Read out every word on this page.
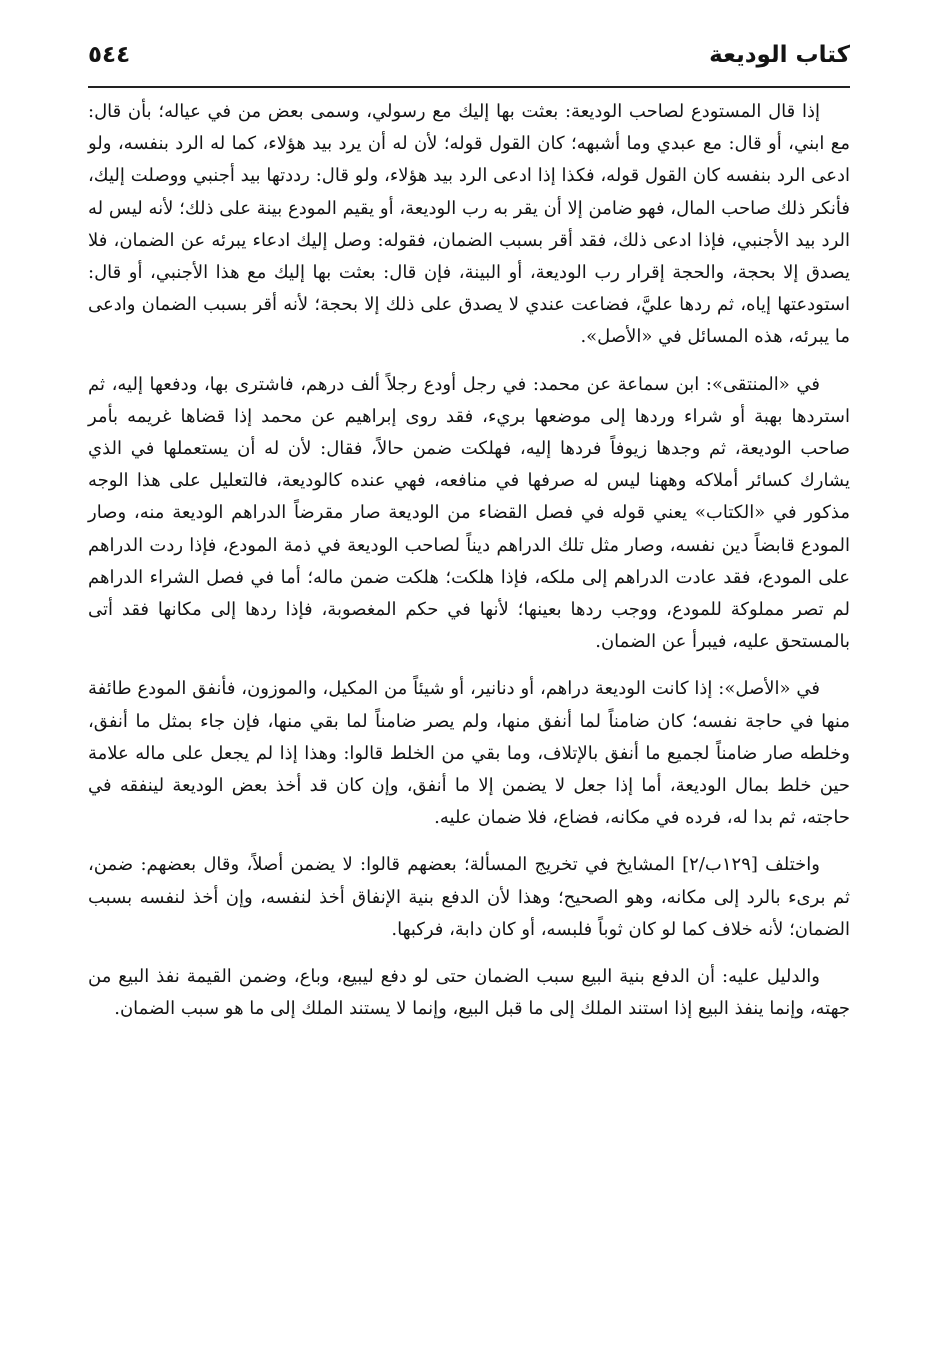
كتاب الوديعة
٥٤٤

إذا قال المستودع لصاحب الوديعة: بعثت بها إليك مع رسولي، وسمى بعض من في عياله؛ بأن قال: مع ابني، أو قال: مع عبدي وما أشبهه؛ كان القول قوله؛ لأن له أن يرد بيد هؤلاء، كما له الرد بنفسه، ولو ادعى الرد بنفسه كان القول قوله، فكذا إذا ادعى الرد بيد هؤلاء، ولو قال: رددتها بيد أجنبي ووصلت إليك، فأنكر ذلك صاحب المال، فهو ضامن إلا أن يقر به رب الوديعة، أو يقيم المودع بينة على ذلك؛ لأنه ليس له الرد بيد الأجنبي، فإذا ادعى ذلك، فقد أقر بسبب الضمان، فقوله: وصل إليك ادعاء يبرئه عن الضمان، فلا يصدق إلا بحجة، والحجة إقرار رب الوديعة، أو البينة، فإن قال: بعثت بها إليك مع هذا الأجنبي، أو قال: استودعتها إياه، ثم ردها عليَّ، فضاعت عندي لا يصدق على ذلك إلا بحجة؛ لأنه أقر بسبب الضمان وادعى ما يبرئه، هذه المسائل في «الأصل».

في «المنتقى»: ابن سماعة عن محمد: في رجل أودع رجلاً ألف درهم، فاشترى بها، ودفعها إليه، ثم استردها بهبة أو شراء وردها إلى موضعها بريء، فقد روى إبراهيم عن محمد إذا قضاها غريمه بأمر صاحب الوديعة، ثم وجدها زيوفاً فردها إليه، فهلكت ضمن حالاً، فقال: لأن له أن يستعملها في الذي يشارك كسائر أملاكه وههنا ليس له صرفها في منافعه، فهي عنده كالوديعة، فالتعليل على هذا الوجه مذكور في «الكتاب» يعني قوله في فصل القضاء من الوديعة صار مقرضاً الدراهم الوديعة منه، وصار المودع قابضاً دين نفسه، وصار مثل تلك الدراهم ديناً لصاحب الوديعة في ذمة المودع، فإذا ردت الدراهم على المودع، فقد عادت الدراهم إلى ملكه، فإذا هلكت؛ هلكت ضمن ماله؛ أما في فصل الشراء الدراهم لم تصر مملوكة للمودع، ووجب ردها بعينها؛ لأنها في حكم المغصوبة، فإذا ردها إلى مكانها فقد أتى بالمستحق عليه، فيبرأ عن الضمان.

في «الأصل»: إذا كانت الوديعة دراهم، أو دنانير، أو شيئاً من المكيل، والموزون، فأنفق المودع طائفة منها في حاجة نفسه؛ كان ضامناً لما أنفق منها، ولم يصر ضامناً لما بقي منها، فإن جاء بمثل ما أنفق، وخلطه صار ضامناً لجميع ما أنفق بالإتلاف، وما بقي من الخلط قالوا: وهذا إذا لم يجعل على ماله علامة حين خلط بمال الوديعة، أما إذا جعل لا يضمن إلا ما أنفق، وإن كان قد أخذ بعض الوديعة لينفقه في حاجته، ثم بدا له، فرده في مكانه، فضاع، فلا ضمان عليه.

واختلف [١٢٩ب/٢] المشايخ في تخريج المسألة؛ بعضهم قالوا: لا يضمن أصلاً، وقال بعضهم: ضمن، ثم برىء بالرد إلى مكانه، وهو الصحيح؛ وهذا لأن الدفع بنية الإنفاق أخذ لنفسه، وإن أخذ لنفسه بسبب الضمان؛ لأنه خلاف كما لو كان ثوباً فلبسه، أو كان دابة، فركبها.

والدليل عليه: أن الدفع بنية البيع سبب الضمان حتى لو دفع ليبيع، وباع، وضمن القيمة نفذ البيع من جهته، وإنما ينفذ البيع إذا استند الملك إلى ما قبل البيع، وإنما لا يستند الملك إلى ما هو سبب الضمان.
